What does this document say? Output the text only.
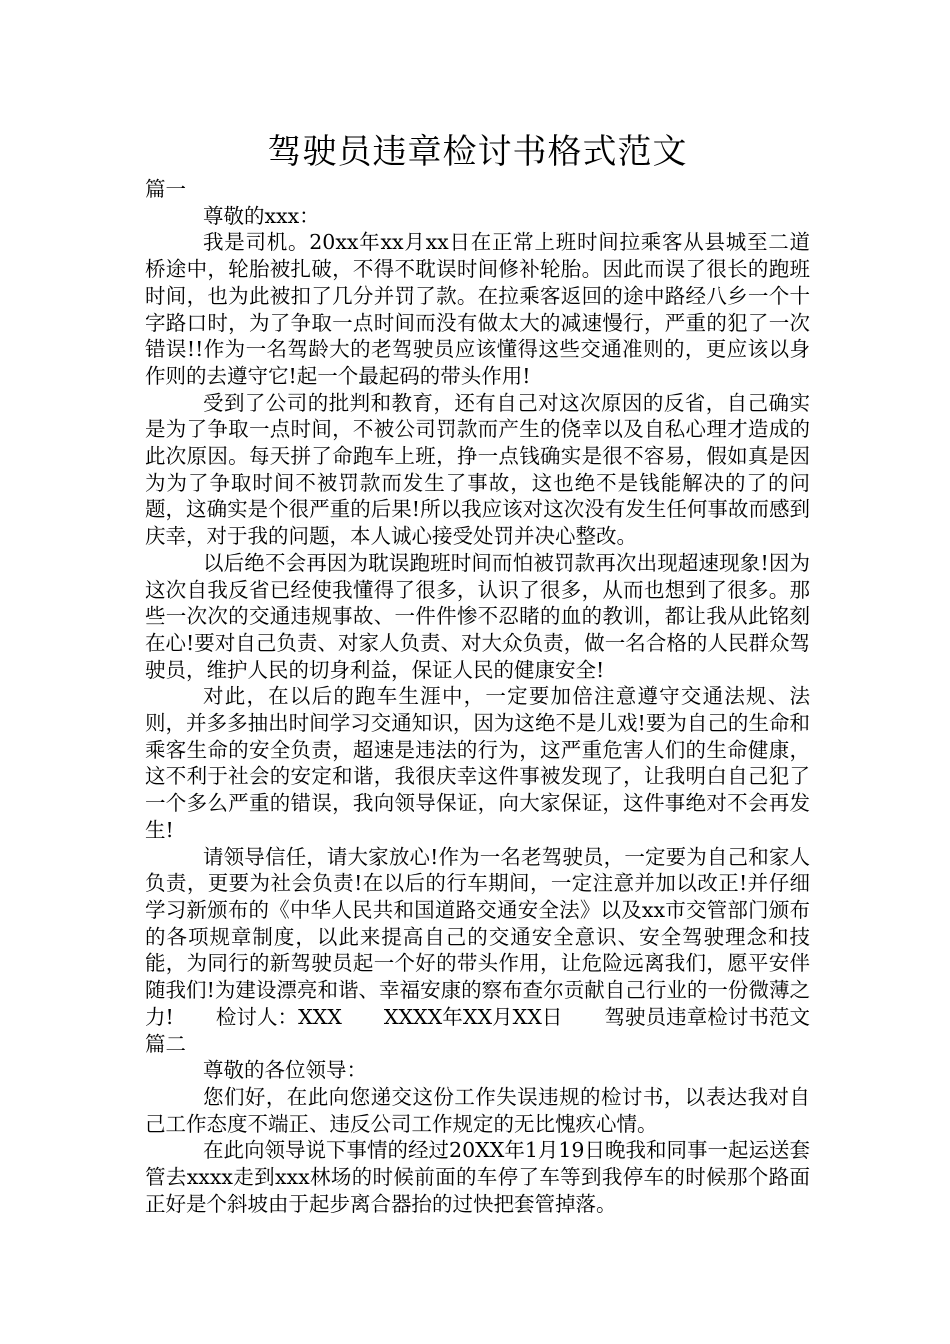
驾驶员违章检讨书格式范文

篇一

尊敬的xxx：

我是司机。20xx年xx月xx日在正常上班时间拉乘客从县城至二道桥途中，轮胎被扎破，不得不耽误时间修补轮胎。因此而误了很长的跑班时间，也为此被扣了几分并罚了款。在拉乘客返回的途中路经八乡一个十字路口时，为了争取一点时间而没有做太大的减速慢行，严重的犯了一次错误!!作为一名驾龄大的老驾驶员应该懂得这些交通准则的，更应该以身作则的去遵守它!起一个最起码的带头作用!

受到了公司的批判和教育，还有自己对这次原因的反省，自己确实是为了争取一点时间，不被公司罚款而产生的侥幸以及自私心理才造成的此次原因。每天拼了命跑车上班，挣一点钱确实是很不容易，假如真是因为为了争取时间不被罚款而发生了事故，这也绝不是钱能解决的了的问题，这确实是个很严重的后果!所以我应该对这次没有发生任何事故而感到庆幸，对于我的问题，本人诚心接受处罚并决心整改。

以后绝不会再因为耽误跑班时间而怕被罚款再次出现超速现象!因为这次自我反省已经使我懂得了很多，认识了很多，从而也想到了很多。那些一次次的交通违规事故、一件件惨不忍睹的血的教训，都让我从此铭刻在心!要对自己负责、对家人负责、对大众负责，做一名合格的人民群众驾驶员，维护人民的切身利益，保证人民的健康安全!

对此，在以后的跑车生涯中，一定要加倍注意遵守交通法规、法则，并多多抽出时间学习交通知识，因为这绝不是儿戏!要为自己的生命和乘客生命的安全负责，超速是违法的行为，这严重危害人们的生命健康，这不利于社会的安定和谐，我很庆幸这件事被发现了，让我明白自己犯了一个多么严重的错误，我向领导保证，向大家保证，这件事绝对不会再发生!

请领导信任，请大家放心!作为一名老驾驶员，一定要为自己和家人负责，更要为社会负责!在以后的行车期间，一定注意并加以改正!并仔细学习新颁布的《中华人民共和国道路交通安全法》以及xx市交管部门颁布的各项规章制度，以此来提高自己的交通安全意识、安全驾驶理念和技能，为同行的新驾驶员起一个好的带头作用，让危险远离我们，愿平安伴随我们!为建设漂亮和谐、幸福安康的察布查尔贡献自己行业的一份微薄之力! 检讨人：XXX XXXX年XX月XX日 驾驶员违章检讨书范文篇二

尊敬的各位领导：

您们好，在此向您递交这份工作失误违规的检讨书，以表达我对自己工作态度不端正、违反公司工作规定的无比愧疚心情。

在此向领导说下事情的经过20XX年1月19日晚我和同事一起运送套管去xxxx走到xxx林场的时候前面的车停了车等到我停车的时候那个路面正好是个斜坡由于起步离合器抬的过快把套管掉落。
